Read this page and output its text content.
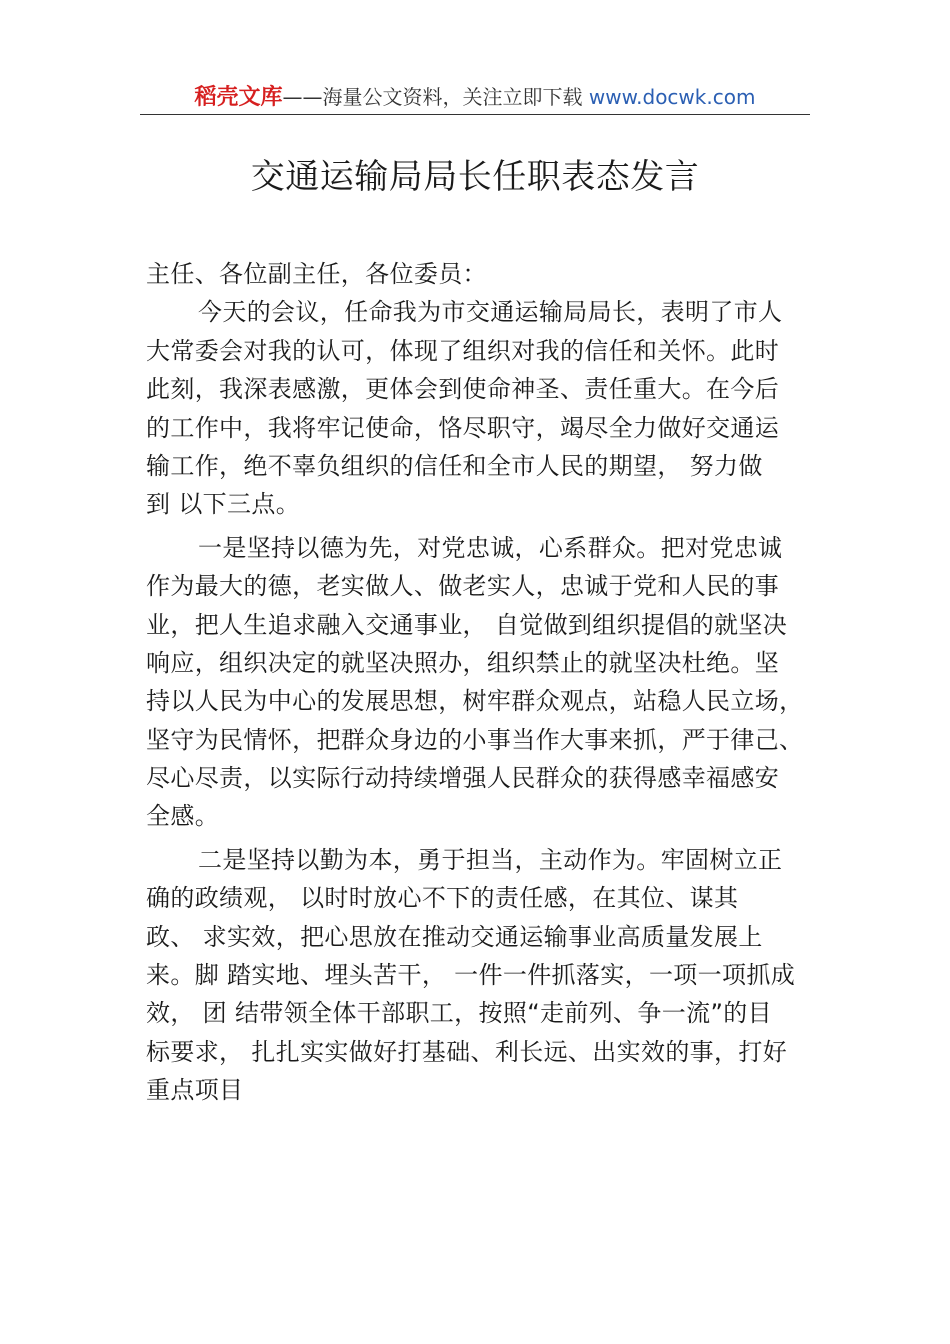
稻壳文库——海量公文资料，关注立即下载 www.docwk.com
交通运输局局长任职表态发言
主任、各位副主任，各位委员：
今天的会议，任命我为市交通运输局局长，表明了市人
大常委会对我的认可，体现了组织对我的信任和关怀。此时
此刻，我深表感激，更体会到使命神圣、责任重大。在今后
的工作中，我将牢记使命，恪尽职守，竭尽全力做好交通运
输工作，绝不辜负组织的信任和全市人民的期望， 努力做
到 以下三点。
一是坚持以德为先，对党忠诚，心系群众。把对党忠诚
作为最大的德，老实做人、做老实人，忠诚于党和人民的事
业，把人生追求融入交通事业， 自觉做到组织提倡的就坚决
响应，组织决定的就坚决照办，组织禁止的就坚决杜绝。坚
持以人民为中心的发展思想，树牢群众观点，站稳人民立场，
坚守为民情怀，把群众身边的小事当作大事来抓，严于律己、
尽心尽责，以实际行动持续增强人民群众的获得感幸福感安
全感。
二是坚持以勤为本，勇于担当，主动作为。牢固树立正
确的政绩观， 以时时放心不下的责任感，在其位、谋其
政、 求实效，把心思放在推动交通运输事业高质量发展上
来。脚 踏实地、埋头苦干， 一件一件抓落实，一项一项抓成
效， 团 结带领全体干部职工，按照“走前列、争一流”的目
标要求， 扎扎实实做好打基础、利长远、出实效的事，打好
重点项目
